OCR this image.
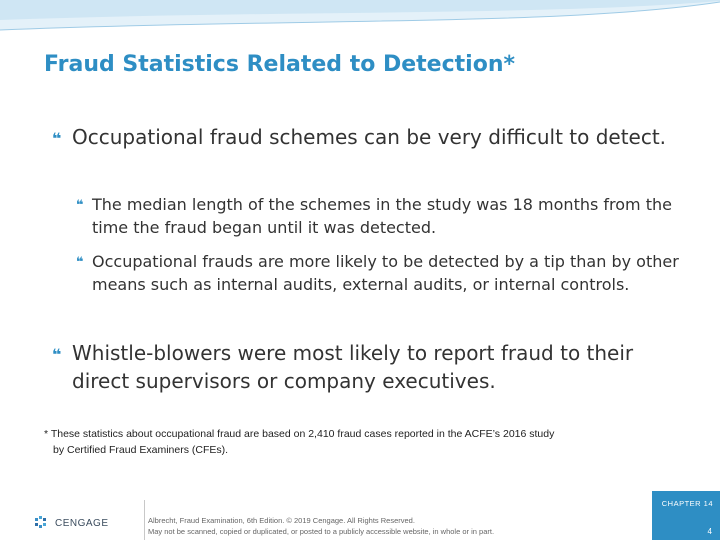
Fraud Statistics Related to Detection*
❝ Occupational fraud schemes can be very difficult to detect.
❝ The median length of the schemes in the study was 18 months from the time the fraud began until it was detected.
❝ Occupational frauds are more likely to be detected by a tip than by other means such as internal audits, external audits, or internal controls.
❝ Whistle-blowers were most likely to report fraud to their direct supervisors or company executives.
* These statistics about occupational fraud are based on 2,410 fraud cases reported in the ACFE’s 2016 study
by Certified Fraud Examiners (CFEs).
CENGAGE	Albrecht, Fraud Examination, 6th Edition. © 2019 Cengage. All Rights Reserved.
May not be scanned, copied or duplicated, or posted to a publicly accessible website, in whole or in part.
CHAPTER 14
4
